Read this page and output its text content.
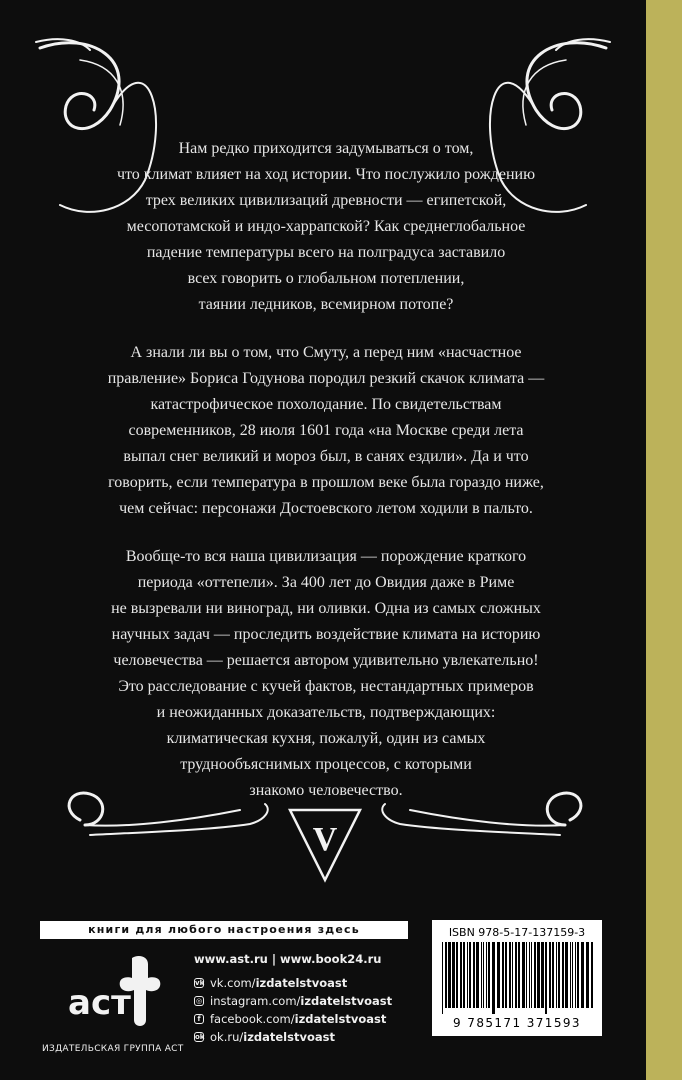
Нам редко приходится задумываться о том,

что климат влияет на ход истории. Что послужило рождению

трех великих цивилизаций древности — египетской,

месопотамской и индо-харрапской? Как среднеглобальное

падение температуры всего на полградуса заставило

всех говорить о глобальном потеплении,

таянии ледников, всемирном потопе?

А знали ли вы о том, что Смуту, а перед ним «насчастное

правление» Бориса Годунова породил резкий скачок климата —

катастрофическое похолодание. По свидетельствам

современников, 28 июля 1601 года «на Москве среди лета

выпал снег великий и мороз был, в санях ездили». Да и что

говорить, если температура в прошлом веке была гораздо ниже,

чем сейчас: персонажи Достоевского летом ходили в пальто.

Вообще-то вся наша цивилизация — порождение краткого

периода «оттепели». За 400 лет до Овидия даже в Риме

не вызревали ни виноград, ни оливки. Одна из самых сложных

научных задач — проследить воздействие климата на историю

человечества — решается автором удивительно увлекательно!

Это расследование с кучей фактов, нестандартных примеров

и неожиданных доказательств, подтверждающих:

климатическая кухня, пожалуй, один из самых

труднообъяснимых процессов, с которыми

знакомо человечество.

V
книги для любого настроения здесь
аст
ИЗДАТЕЛЬСКАЯ ГРУППА АСТ
www.ast.ru | www.book24.ru
vk vk.com/izdatelstvoast
◎ instagram.com/izdatelstvoast
f facebook.com/izdatelstvoast
ok ok.ru/izdatelstvoast
ISBN 978-5-17-137159-3
9 785171 371593
